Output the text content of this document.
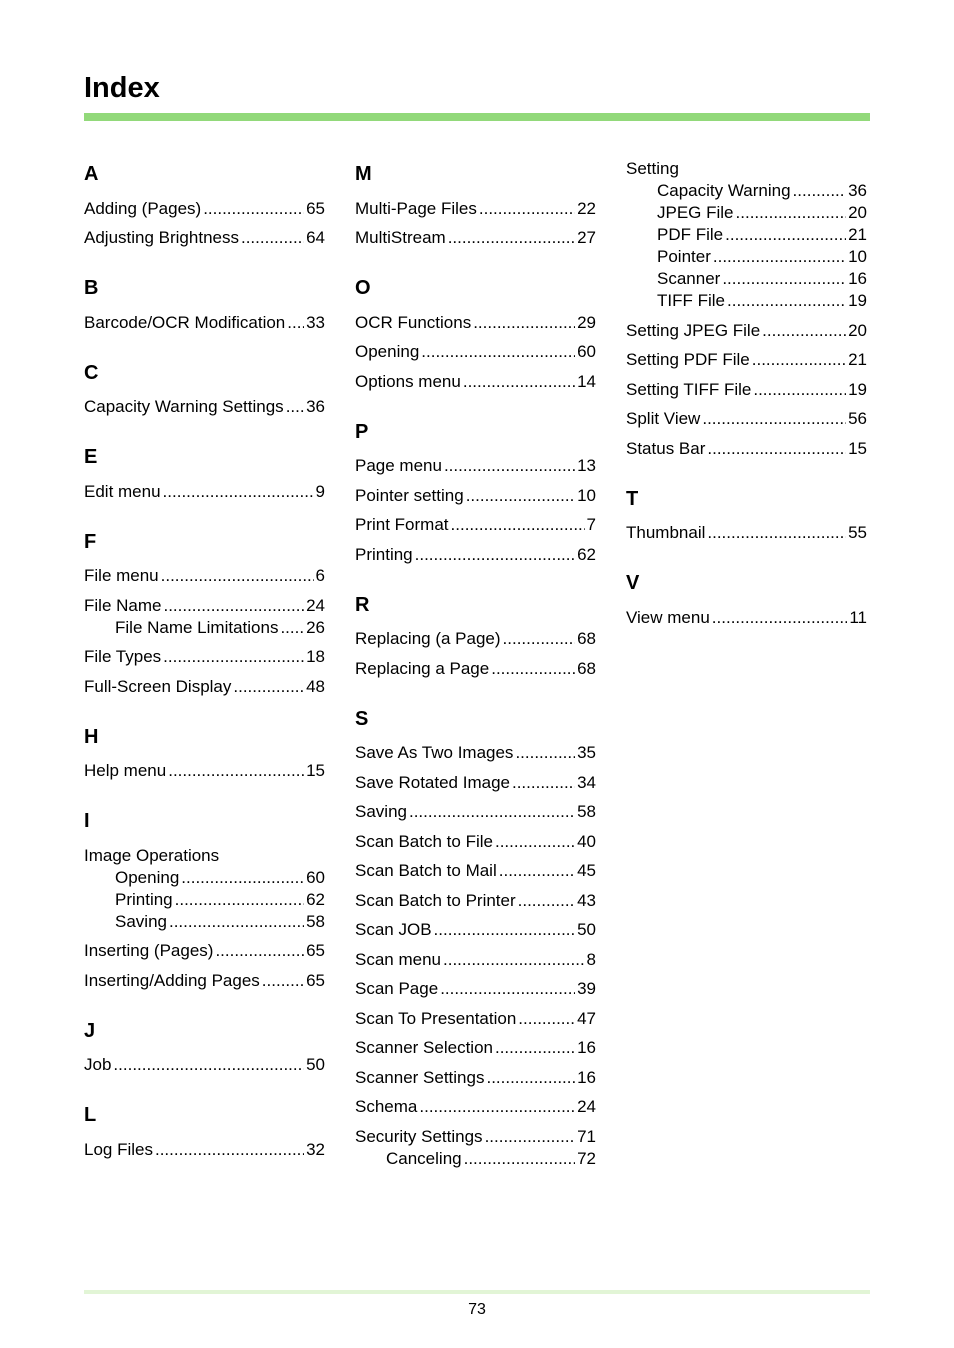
Index
A
Adding (Pages) .....	65
Adjusting Brightness .....	64
B
Barcode/OCR Modification ..... 33
C
Capacity Warning Settings ..... 36
E
Edit menu .....	9
F
File menu .....	6
File Name .....	24
File Name Limitations ..... 26
File Types .....	18
Full-Screen Display .....	48
H
Help menu .....	15
I
Image Operations
Opening .....	60
Printing .....	62
Saving .....	58
Inserting (Pages) .....	65
Inserting/Adding Pages .....	65
J
Job .....	50
L
Log Files .....	32
M
Multi-Page Files .....	22
MultiStream .....	27
O
OCR Functions .....	29
Opening .....	60
Options menu .....	14
P
Page menu .....	13
Pointer setting .....	10
Print Format .....	7
Printing .....	62
R
Replacing (a Page) .....	68
Replacing a Page .....	68
S
Save As Two Images .....	35
Save Rotated Image .....	34
Saving .....	58
Scan Batch to File .....	40
Scan Batch to Mail .....	45
Scan Batch to Printer .....	43
Scan JOB .....	50
Scan menu .....	8
Scan Page .....	39
Scan To Presentation .....	47
Scanner Selection .....	16
Scanner Settings .....	16
Schema .....	24
Security Settings .....	71
Canceling .....	72
Setting
Capacity Warning .....	36
JPEG File .....	20
PDF File .....	21
Pointer .....	10
Scanner .....	16
TIFF File .....	19
Setting JPEG File .....	20
Setting PDF File .....	21
Setting TIFF File .....	19
Split View .....	56
Status Bar .....	15
T
Thumbnail .....	55
V
View menu .....	11
73
